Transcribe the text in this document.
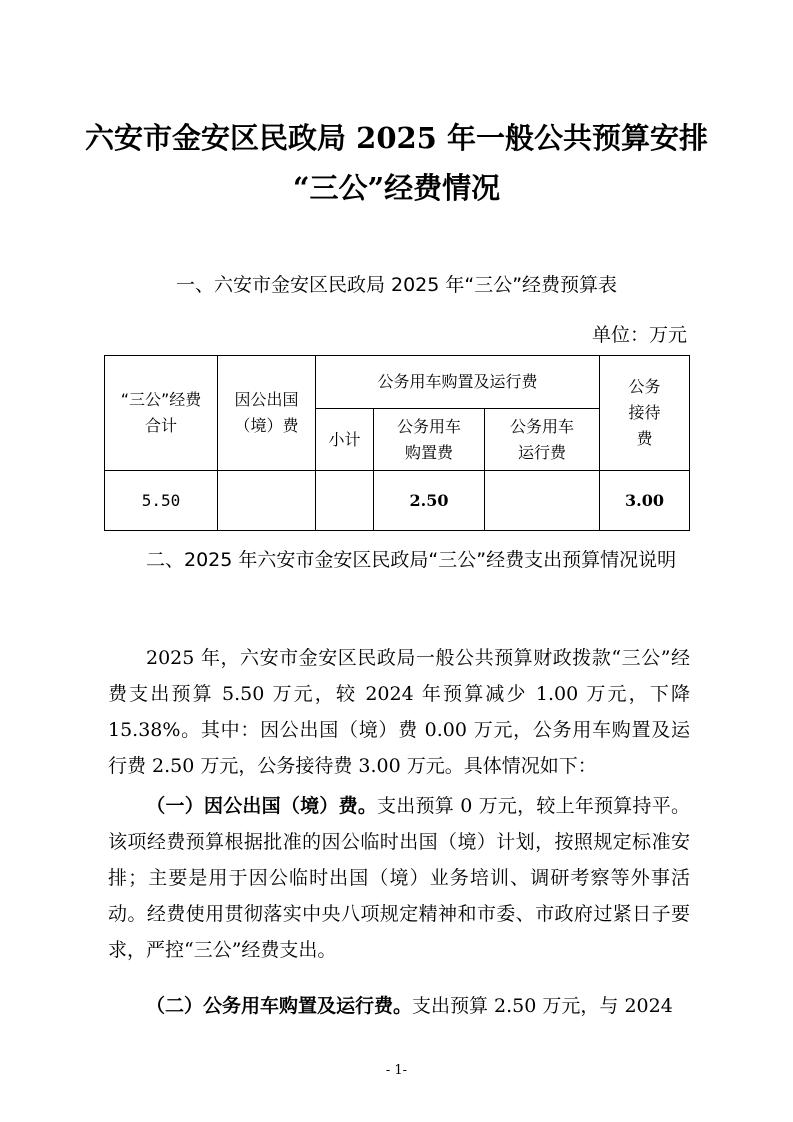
六安市金安区民政局 2025 年一般公共预算安排
“三公”经费情况
一、六安市金安区民政局 2025 年“三公”经费预算表
单位：万元
“三公”经费合计	因公出国（境）费	公务用车购置及运行费			公务接待费
		小计	公务用车购置费	公务用车运行费	
5.50			2.50		3.00
二、2025 年六安市金安区民政局“三公”经费支出预算情况说明
2025 年，六安市金安区民政局一般公共预算财政拨款“三公”经费支出预算 5.50 万元，较 2024 年预算减少 1.00 万元，下降 15.38%。其中：因公出国（境）费 0.00 万元，公务用车购置及运行费 2.50 万元，公务接待费 3.00 万元。具体情况如下：
（一）因公出国（境）费。支出预算 0 万元，较上年预算持平。该项经费预算根据批准的因公临时出国（境）计划，按照规定标准安排；主要是用于因公临时出国（境）业务培训、调研考察等外事活动。经费使用贯彻落实中央八项规定精神和市委、市政府过紧日子要求，严控“三公”经费支出。
（二）公务用车购置及运行费。支出预算 2.50 万元，与 2024
- 1-
